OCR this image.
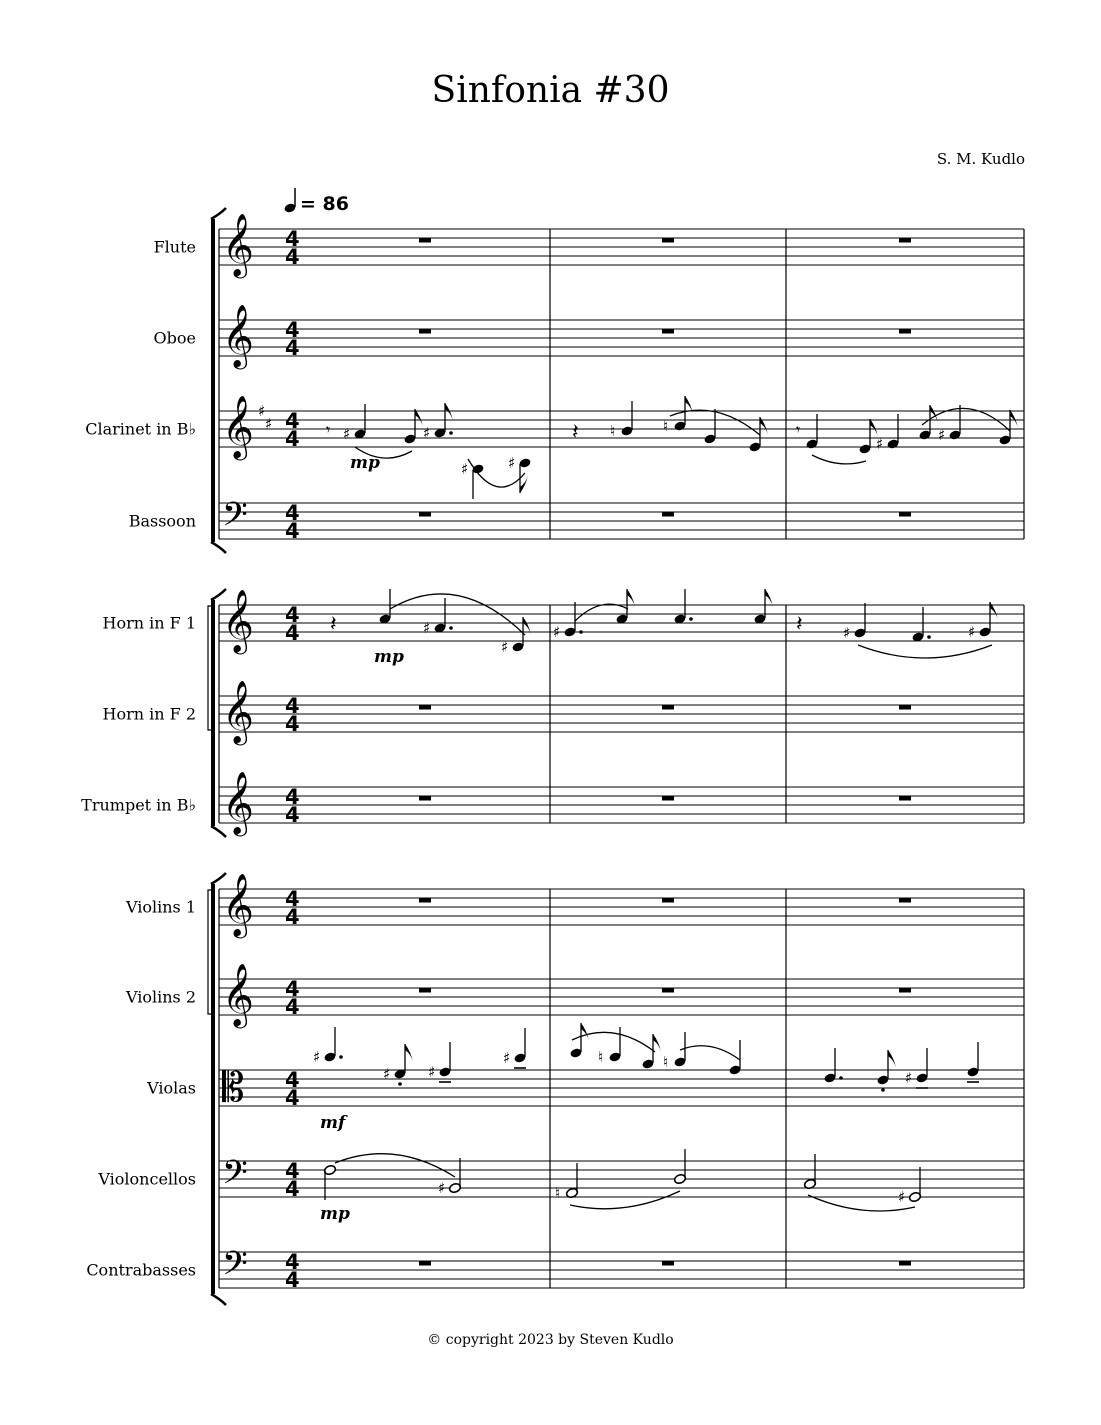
Sinfonia #30
S. M. Kudlo
© copyright 2023 by Steven Kudlo
Flute
Oboe
Clarinet in B♭
Bassoon
Horn in F 1
Horn in F 2
Trumpet in B♭
Violins 1
Violins 2
Violas
Violoncellos
Contrabasses
= 86
𝄞 4
4
𝄞 4
4
𝄞 4
4
𝄢 4
4
𝄞 4
4
𝄞 4
4
𝄞 4
4
𝄞 4
4
𝄞 4
4
𝄡 4
4
𝄢 4
4
𝄢 4
4
♯
♯	𝄾 ♯	♯
♯	♯
mp
𝄽 ♮	♮	𝄾
♯	♯
𝄽	♯
♯
mp
♯	𝄽	♯	♯
♯
♯	♯
♯
mf
♮	♮
♯
♯
mp
♮	♯
